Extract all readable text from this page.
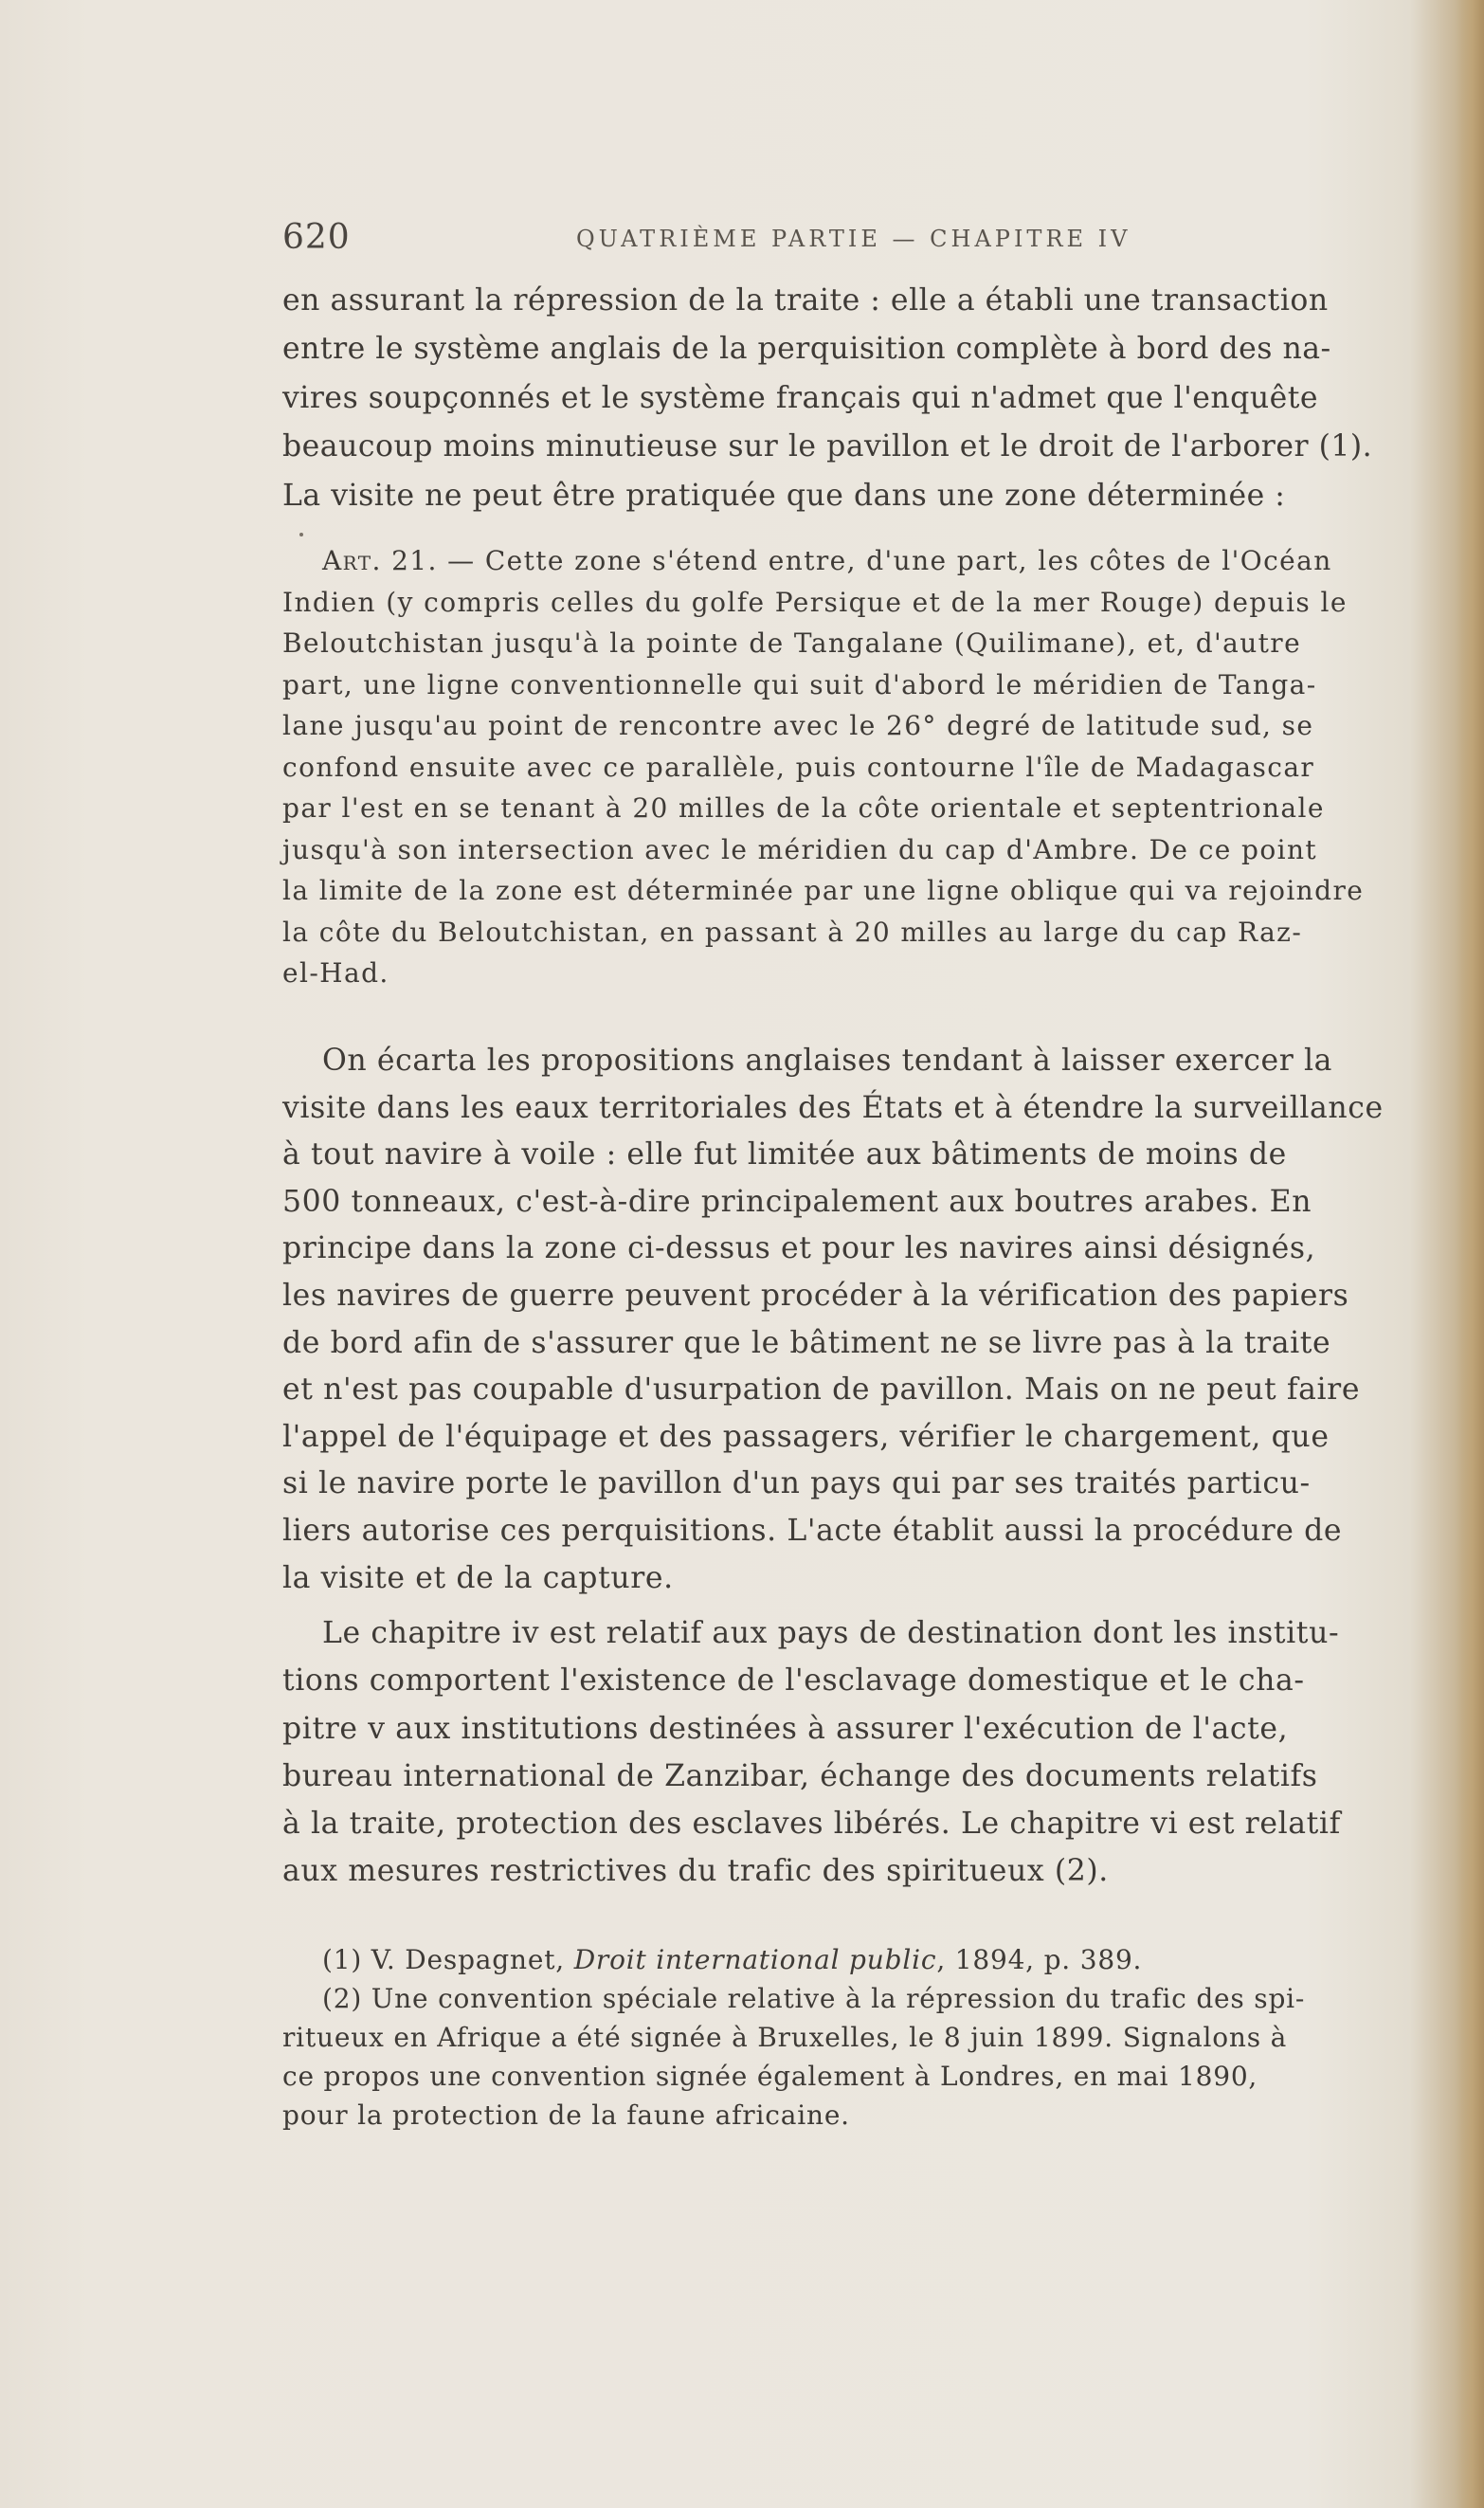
620	QUATRIÈME PARTIE — CHAPITRE IV
en assurant la répression de la traite : elle a établi une transaction
entre le système anglais de la perquisition complète à bord des na-
vires soupçonnés et le système français qui n'admet que l'enquête
beaucoup moins minutieuse sur le pavillon et le droit de l'arborer (1).
La visite ne peut être pratiquée que dans une zone déterminée :
Art. 21. — Cette zone s'étend entre, d'une part, les côtes de l'Océan
Indien (y compris celles du golfe Persique et de la mer Rouge) depuis le
Beloutchistan jusqu'à la pointe de Tangalane (Quilimane), et, d'autre
part, une ligne conventionnelle qui suit d'abord le méridien de Tanga-
lane jusqu'au point de rencontre avec le 26° degré de latitude sud, se
confond ensuite avec ce parallèle, puis contourne l'île de Madagascar
par l'est en se tenant à 20 milles de la côte orientale et septentrionale
jusqu'à son intersection avec le méridien du cap d'Ambre. De ce point
la limite de la zone est déterminée par une ligne oblique qui va rejoindre
la côte du Beloutchistan, en passant à 20 milles au large du cap Raz-
el-Had.
On écarta les propositions anglaises tendant à laisser exercer la
visite dans les eaux territoriales des États et à étendre la surveillance
à tout navire à voile : elle fut limitée aux bâtiments de moins de
500 tonneaux, c'est-à-dire principalement aux boutres arabes. En
principe dans la zone ci-dessus et pour les navires ainsi désignés,
les navires de guerre peuvent procéder à la vérification des papiers
de bord afin de s'assurer que le bâtiment ne se livre pas à la traite
et n'est pas coupable d'usurpation de pavillon. Mais on ne peut faire
l'appel de l'équipage et des passagers, vérifier le chargement, que
si le navire porte le pavillon d'un pays qui par ses traités particu-
liers autorise ces perquisitions. L'acte établit aussi la procédure de
la visite et de la capture.
Le chapitre iv est relatif aux pays de destination dont les institu-
tions comportent l'existence de l'esclavage domestique et le cha-
pitre v aux institutions destinées à assurer l'exécution de l'acte,
bureau international de Zanzibar, échange des documents relatifs
à la traite, protection des esclaves libérés. Le chapitre vi est relatif
aux mesures restrictives du trafic des spiritueux (2).
(1) V. Despagnet, Droit international public, 1894, p. 389.
(2) Une convention spéciale relative à la répression du trafic des spi-
ritueux en Afrique a été signée à Bruxelles, le 8 juin 1899. Signalons à
ce propos une convention signée également à Londres, en mai 1890,
pour la protection de la faune africaine.
